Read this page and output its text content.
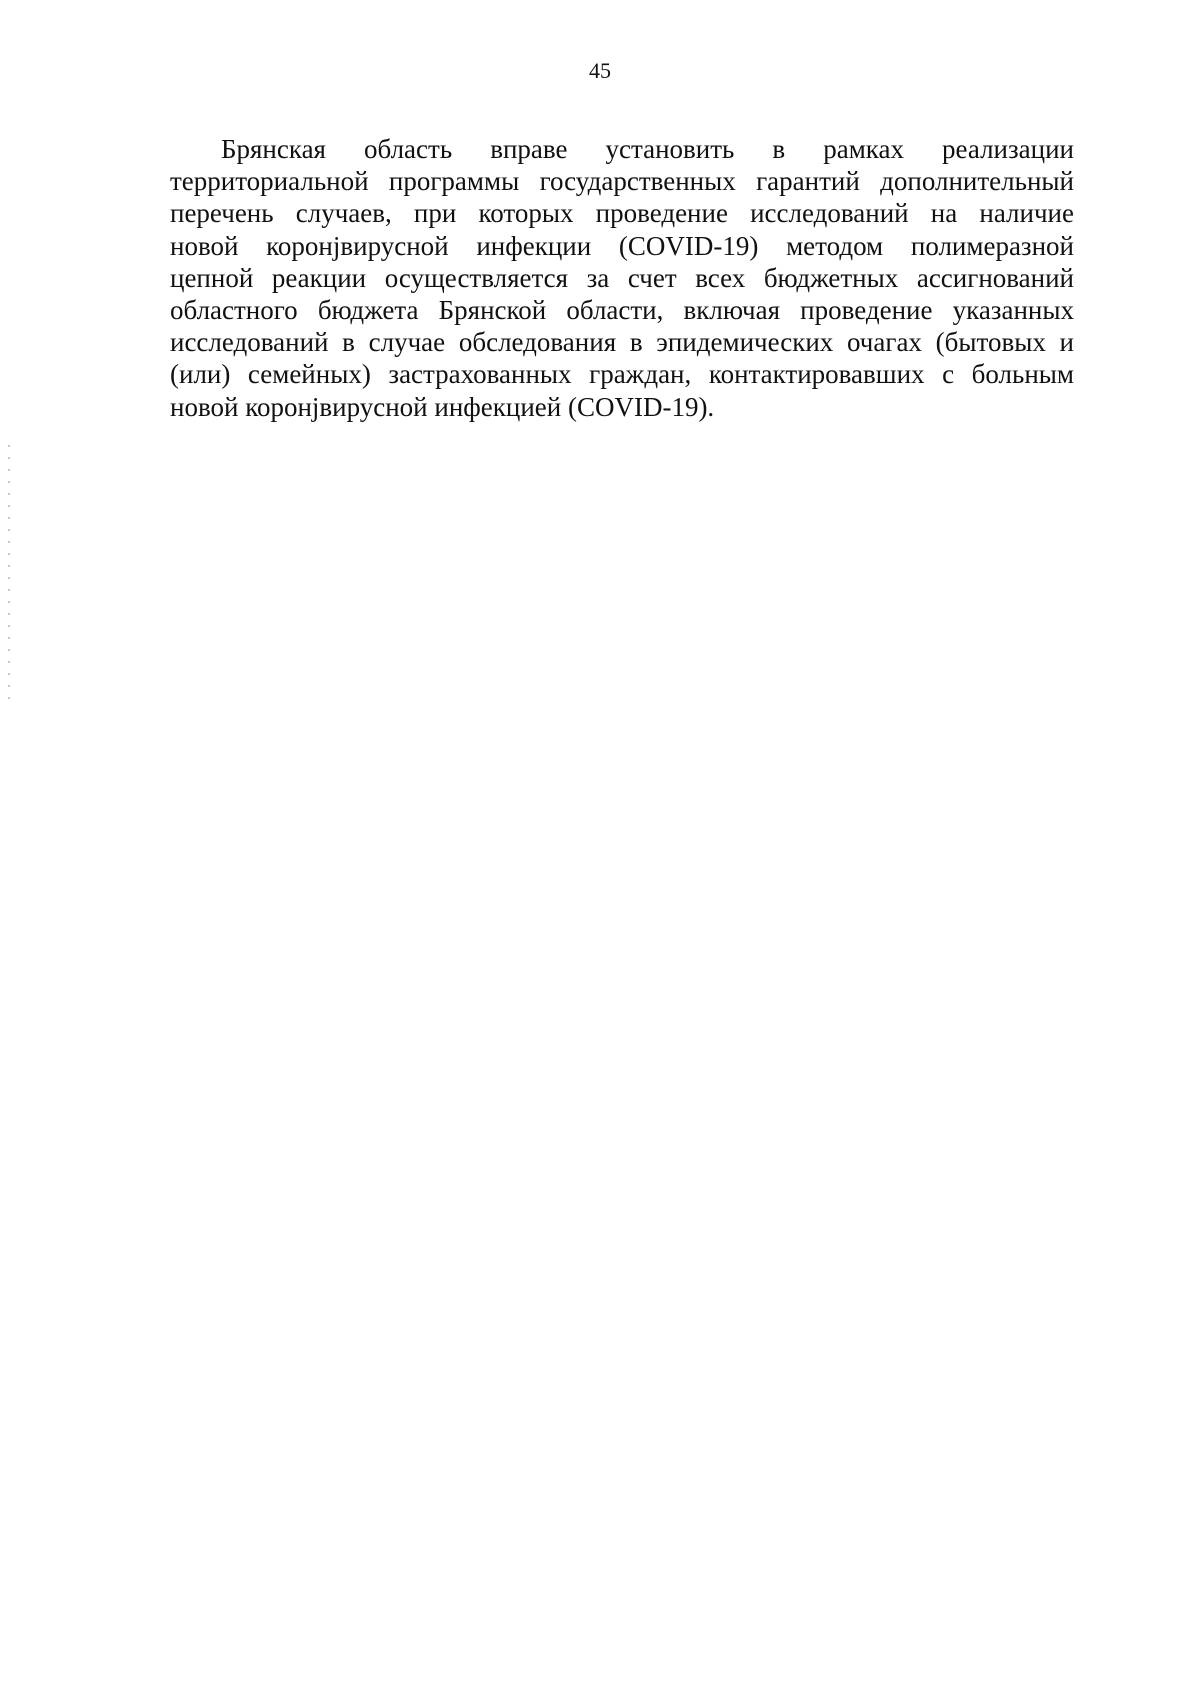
45

Брянская область вправе установить в рамках реализации
территориальной программы государственных гарантий дополнительный
перечень случаев, при которых проведение исследований на наличие
новой коронјвирусной инфекции (COVID-19) методом полимеразной
цепной реакции осуществляется за счет всех бюджетных ассигнований
областного бюджета Брянской области, включая проведение указанных
исследований в случае обследования в эпидемических очагах (бытовых и
(или) семейных) застрахованных граждан, контактировавших с больным
новой коронјвирусной инфекцией (COVID-19).
